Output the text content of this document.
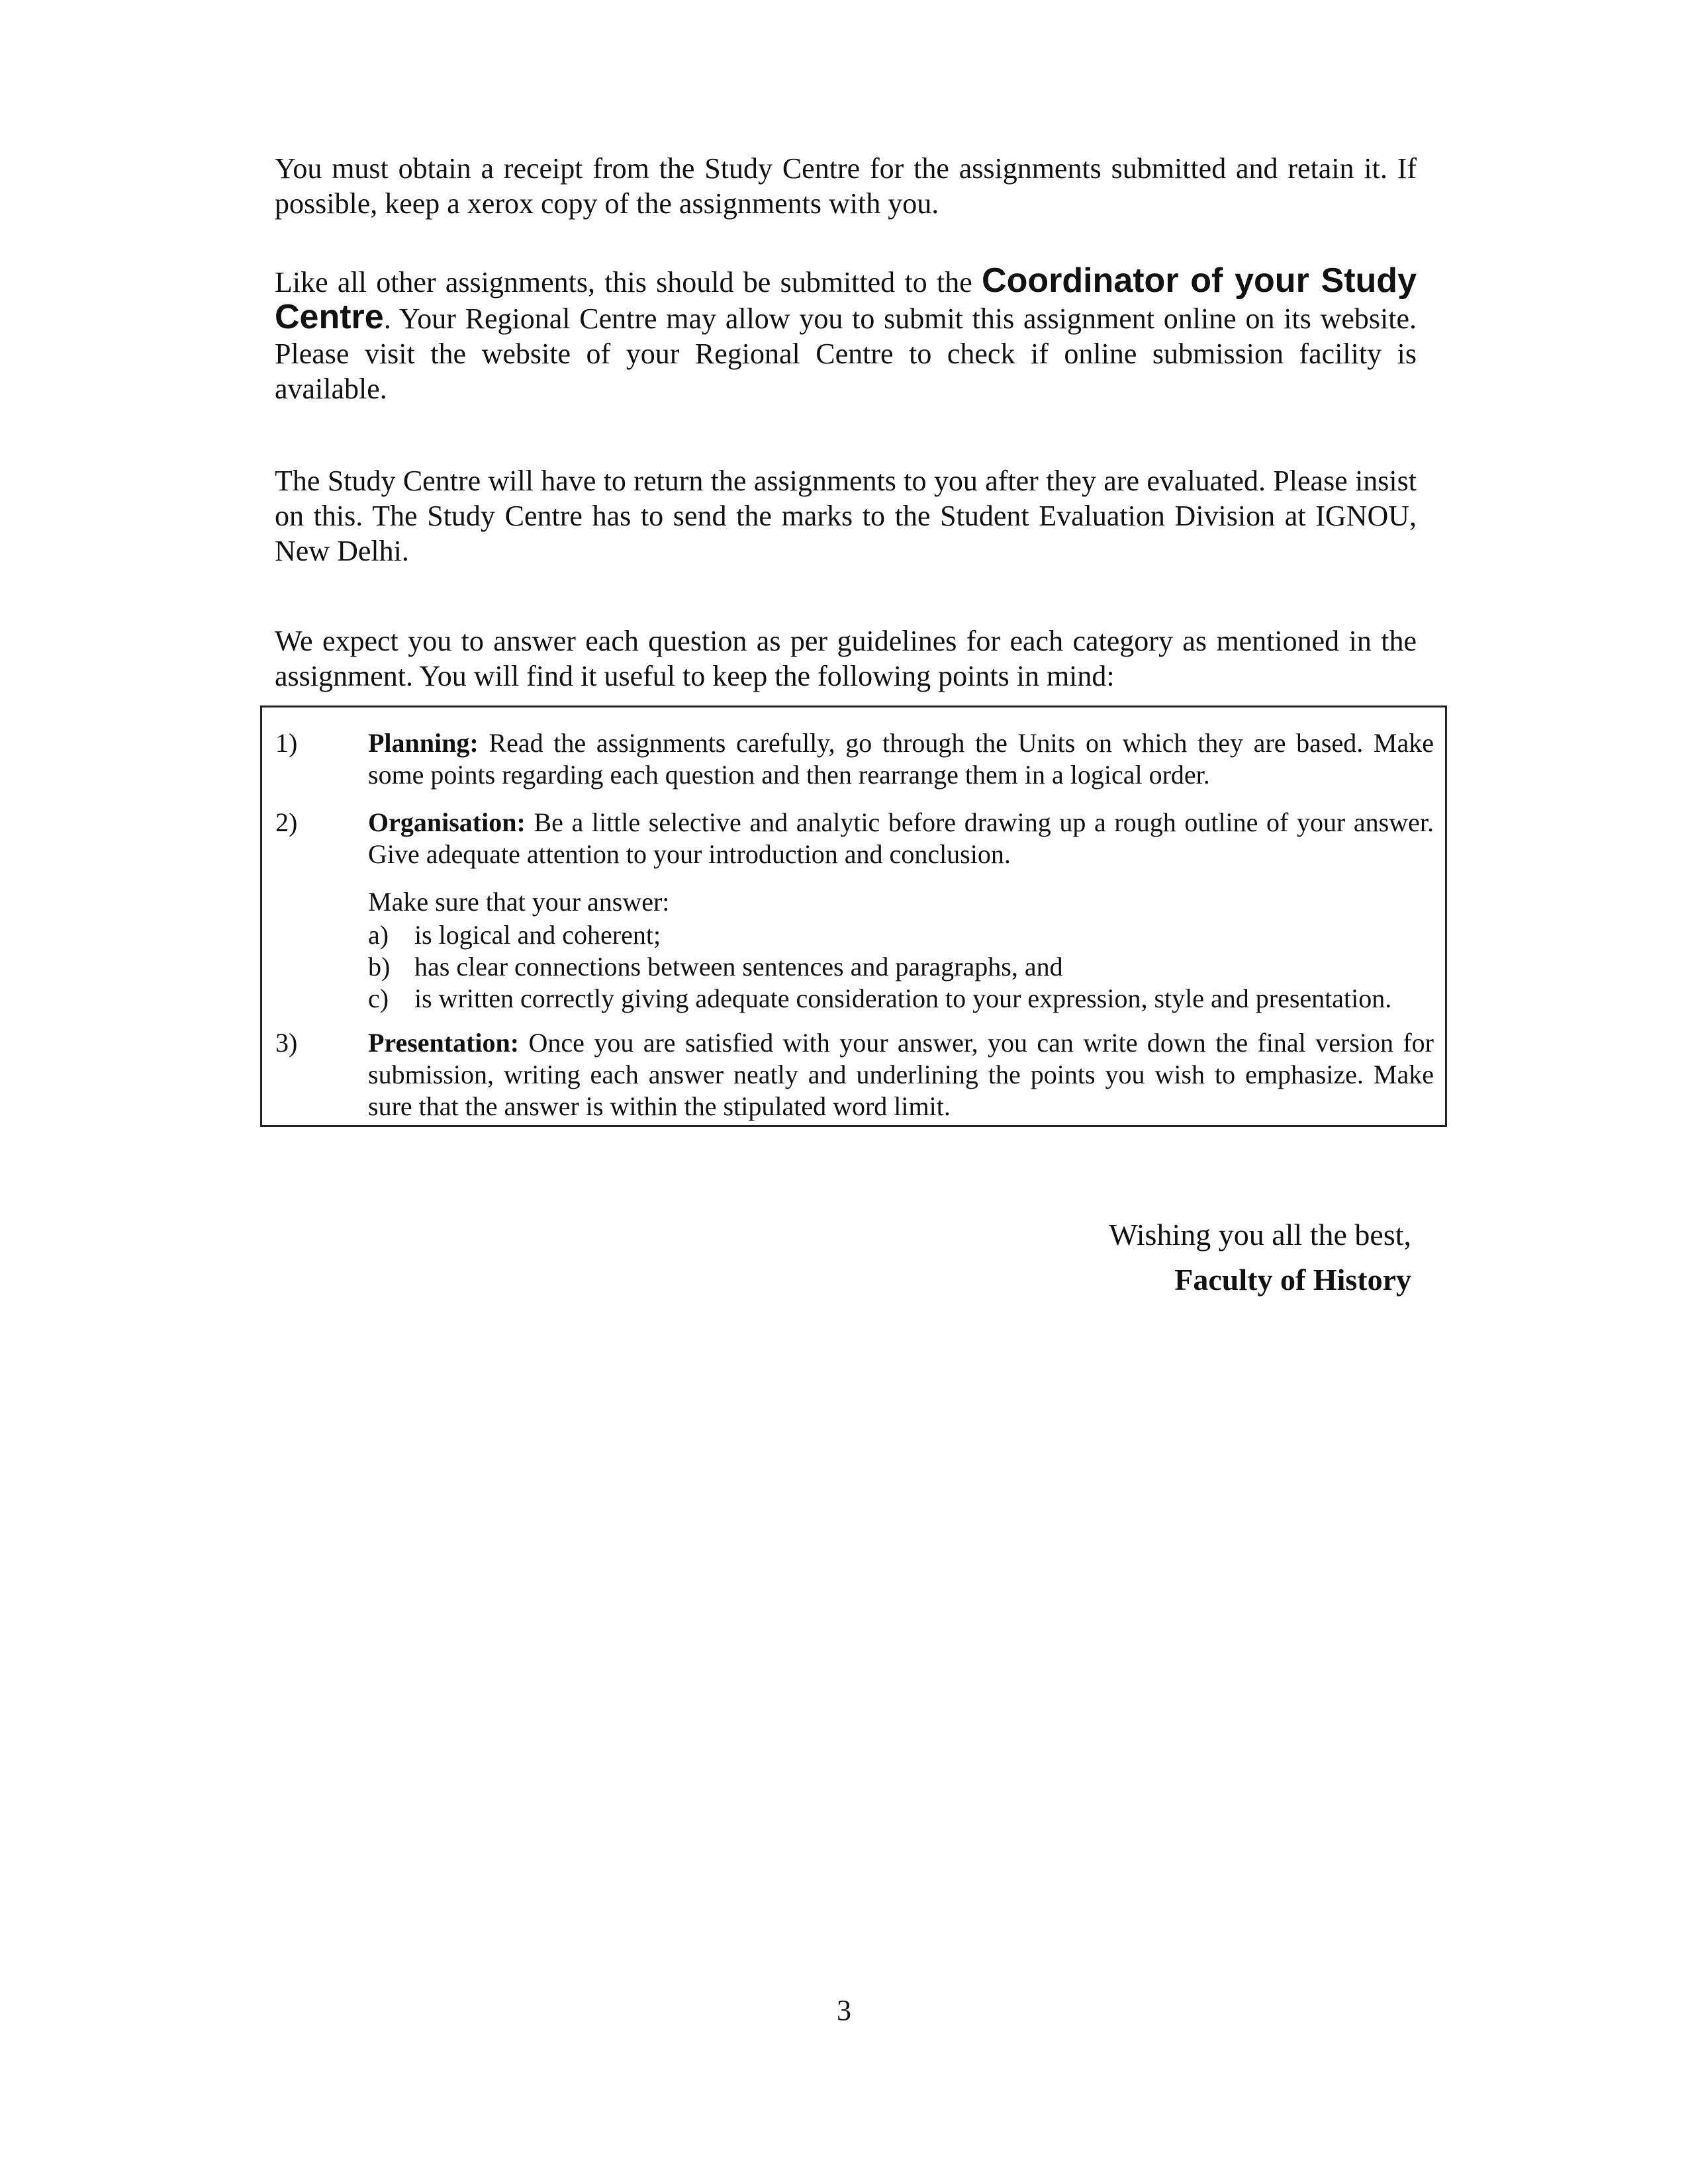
You must obtain a receipt from the Study Centre for the assignments submitted and retain it. If possible, keep a xerox copy of the assignments with you.

Like all other assignments, this should be submitted to the Coordinator of your Study Centre. Your Regional Centre may allow you to submit this assignment online on its website. Please visit the website of your Regional Centre to check if online submission facility is available.

The Study Centre will have to return the assignments to you after they are evaluated. Please insist on this. The Study Centre has to send the marks to the Student Evaluation Division at IGNOU, New Delhi.

We expect you to answer each question as per guidelines for each category as mentioned in the assignment. You will find it useful to keep the following points in mind:

1)	Planning: Read the assignments carefully, go through the Units on which they are based. Make some points regarding each question and then rearrange them in a logical order.

2)	Organisation: Be a little selective and analytic before drawing up a rough outline of your answer. Give adequate attention to your introduction and conclusion.

Make sure that your answer:

a) is logical and coherent;
b) has clear connections between sentences and paragraphs, and
c) is written correctly giving adequate consideration to your expression, style and presentation.
3)	Presentation: Once you are satisfied with your answer, you can write down the final version for submission, writing each answer neatly and underlining the points you wish to emphasize. Make sure that the answer is within the stipulated word limit.

Wishing you all the best,
Faculty of History
3
